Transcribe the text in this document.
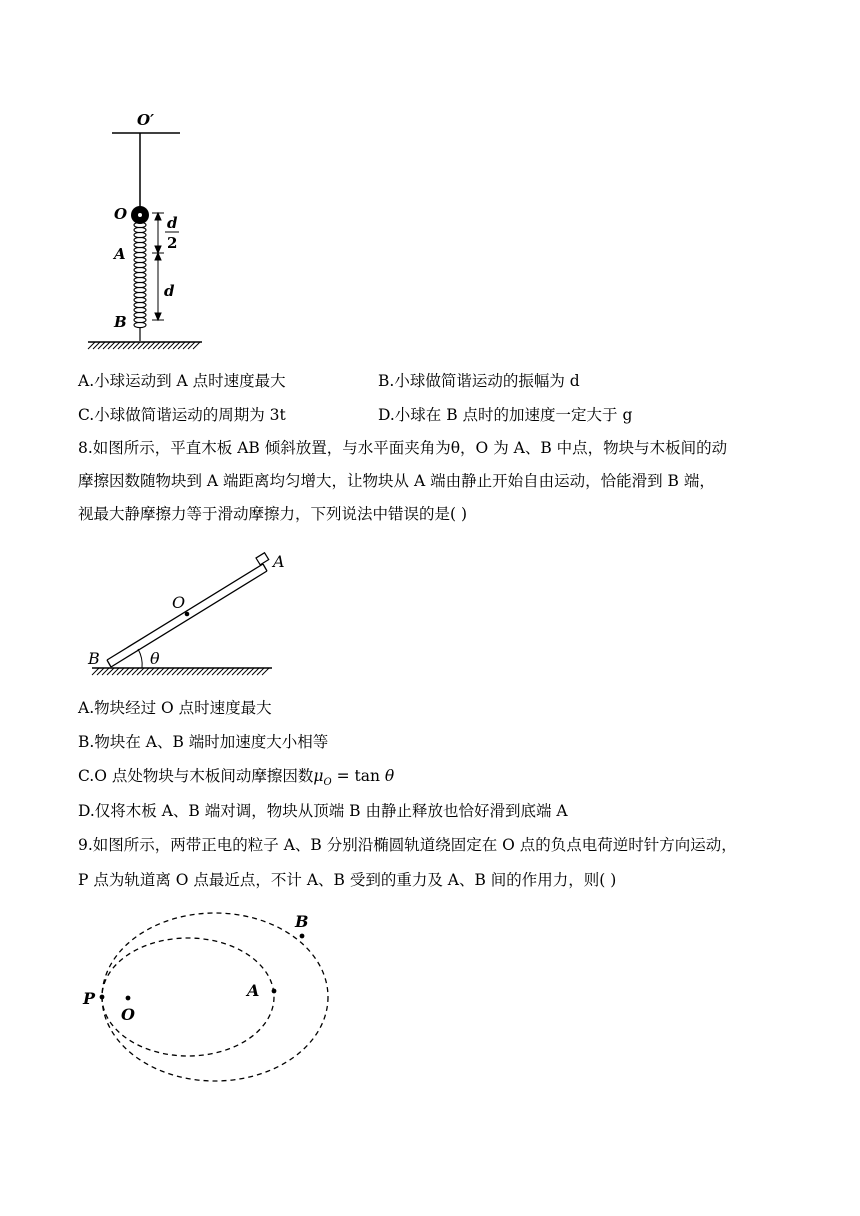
O′
O
A
B
d
2
d
A.小球运动到 A 点时速度最大	B.小球做简谐运动的振幅为 d
C.小球做简谐运动的周期为 3t	D.小球在 B 点时的加速度一定大于 g
8.如图所示，平直木板 AB 倾斜放置，与水平面夹角为θ，O 为 A、B 中点，物块与木板间的动
摩擦因数随物块到 A 端距离均匀增大，让物块从 A 端由静止开始自由运动，恰能滑到 B 端，
视最大静摩擦力等于滑动摩擦力，下列说法中错误的是( )
A
O
B	θ
A.物块经过 O 点时速度最大
B.物块在 A、B 端时加速度大小相等
C.O 点处物块与木板间动摩擦因数$\mu_O = \tan \theta$
D.仅将木板 A、B 端对调，物块从顶端 B 由静止释放也恰好滑到底端 A
9.如图所示，两带正电的粒子 A、B 分别沿椭圆轨道绕固定在 O 点的负点电荷逆时针方向运动，
P 点为轨道离 O 点最近点，不计 A、B 受到的重力及 A、B 间的作用力，则( )
P
O
A
B
